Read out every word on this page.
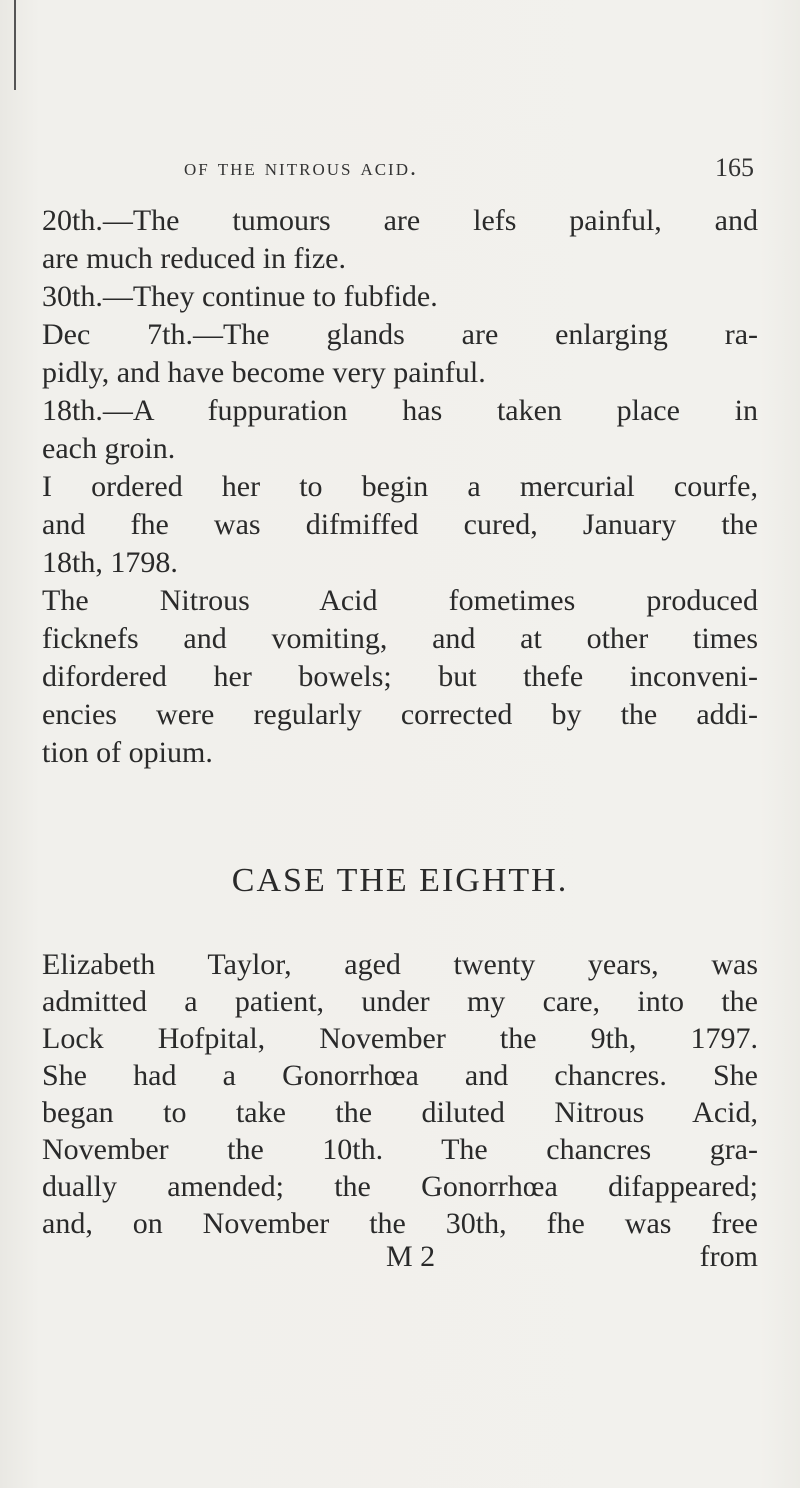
of the nitrous acid.	165
20th.—The tumours are lefs painful, and
are much reduced in fize.
30th.—They continue to fubfide.
Dec 7th.—The glands are enlarging ra-
pidly, and have become very painful.
18th.—A fuppuration has taken place in
each groin.
I ordered her to begin a mercurial courfe,
and fhe was difmiffed cured, January the
18th, 1798.
The Nitrous Acid fometimes produced
ficknefs and vomiting, and at other times
difordered her bowels; but thefe inconveni-
encies were regularly corrected by the addi-
tion of opium.
CASE THE EIGHTH.
Elizabeth Taylor, aged twenty years, was
admitted a patient, under my care, into the
Lock Hofpital, November the 9th, 1797.
She had a Gonorrhœa and chancres. She
began to take the diluted Nitrous Acid,
November the 10th. The chancres gra-
dually amended; the Gonorrhœa difappeared;
and, on November the 30th, fhe was free
M 2	from
